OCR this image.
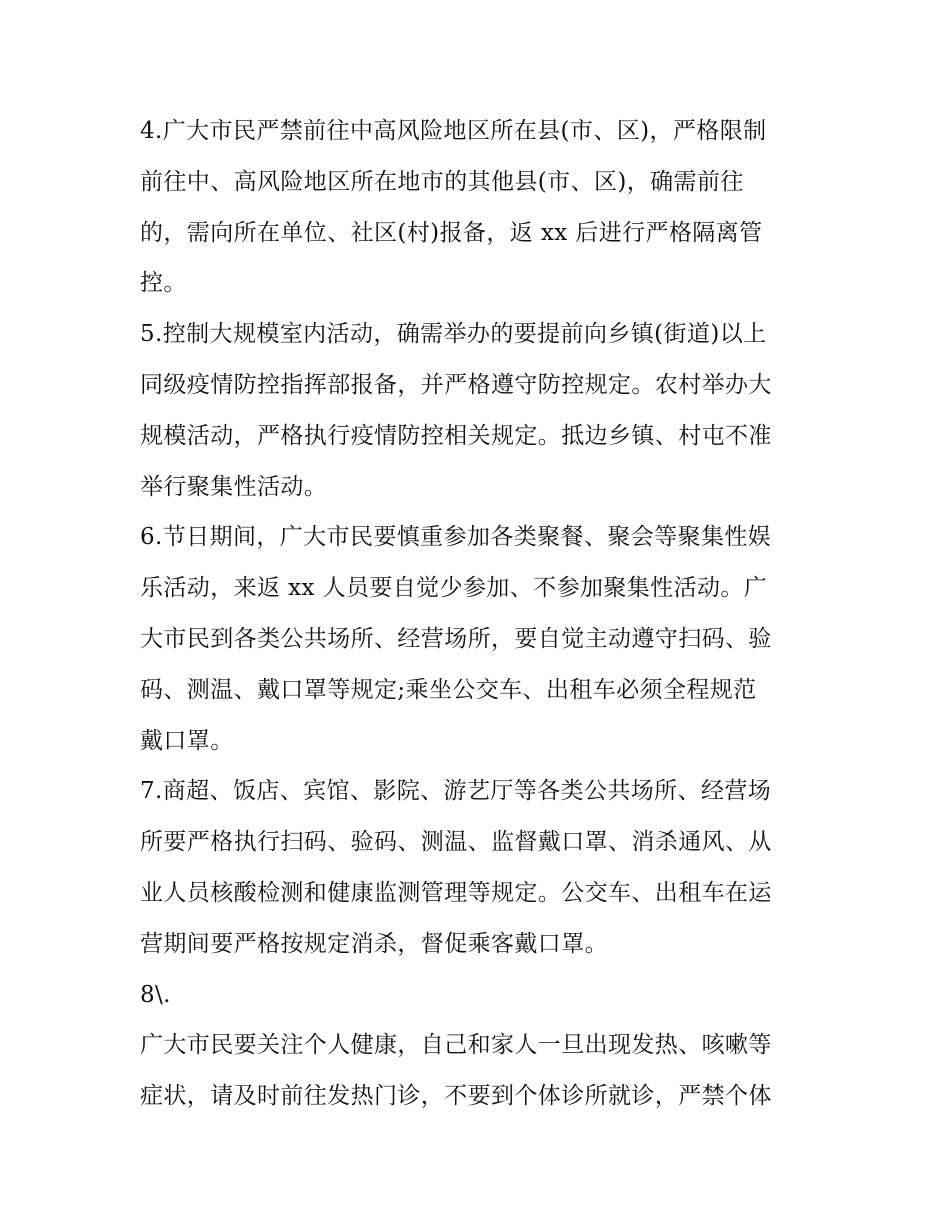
4.广大市民严禁前往中高风险地区所在县(市、区)，严格限制
前往中、高风险地区所在地市的其他县(市、区)，确需前往
的，需向所在单位、社区(村)报备，返 xx 后进行严格隔离管
控。
5.控制大规模室内活动，确需举办的要提前向乡镇(街道)以上
同级疫情防控指挥部报备，并严格遵守防控规定。农村举办大
规模活动，严格执行疫情防控相关规定。抵边乡镇、村屯不准
举行聚集性活动。
6.节日期间，广大市民要慎重参加各类聚餐、聚会等聚集性娱
乐活动，来返 xx 人员要自觉少参加、不参加聚集性活动。广
大市民到各类公共场所、经营场所，要自觉主动遵守扫码、验
码、测温、戴口罩等规定;乘坐公交车、出租车必须全程规范
戴口罩。
7.商超、饭店、宾馆、影院、游艺厅等各类公共场所、经营场
所要严格执行扫码、验码、测温、监督戴口罩、消杀通风、从
业人员核酸检测和健康监测管理等规定。公交车、出租车在运
营期间要严格按规定消杀，督促乘客戴口罩。
8\.
广大市民要关注个人健康，自己和家人一旦出现发热、咳嗽等
症状，请及时前往发热门诊，不要到个体诊所就诊，严禁个体
